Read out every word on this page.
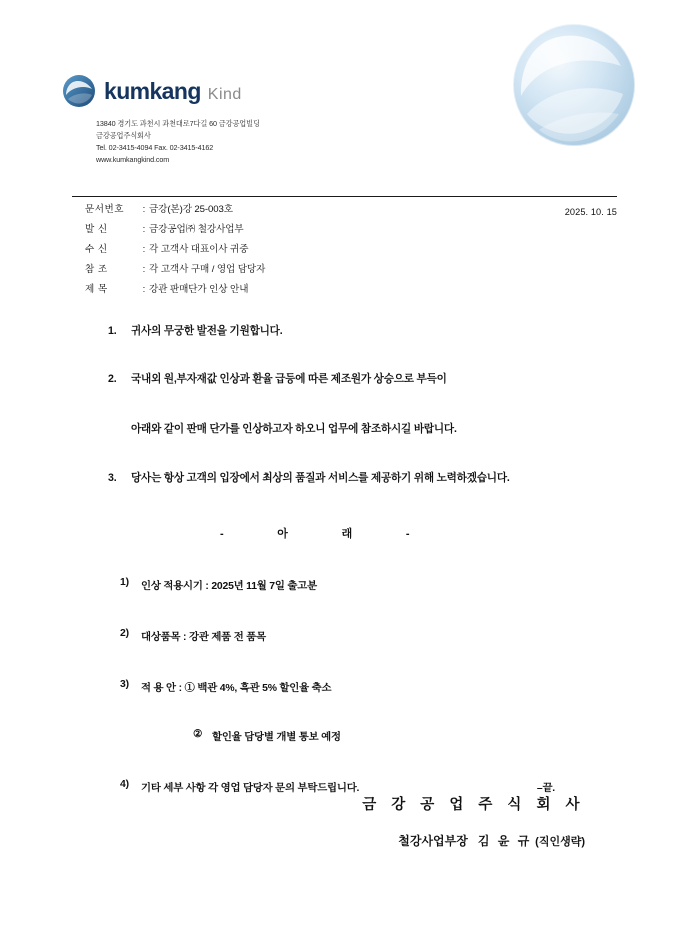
kumkang Kind
13840 경기도 과천시 과천대로7다길 60 금강공업빌딩
금강공업주식회사
Tel. 02-3415-4094 Fax. 02-3415-4162
www.kumkangkind.com
문서번호	: 금강(본)강 25-003호
발 신	: 금강공업㈜ 철강사업부
수 신	: 각 고객사 대표이사 귀중
참 조	: 각 고객사 구매 / 영업 담당자
제 목	: 강관 판매단가 인상 안내
2025. 10. 15
1.	귀사의 무궁한 발전을 기원합니다.
2.	국내외 원,부자재값 인상과 환율 급등에 따른 제조원가 상승으로 부득이
아래와 같이 판매 단가를 인상하고자 하오니 업무에 참조하시길 바랍니다.
3.	당사는 항상 고객의 입장에서 최상의 품질과 서비스를 제공하기 위해 노력하겠습니다.
-	아	래	-
1)	인상 적용시기 : 2025년 11월 7일 출고분
2)	대상품목 : 강관 제품 전 품목
3)	적 용 안 : ① 백관 4%, 흑관 5% 할인율 축소
② 할인율 담당별 개별 통보 예정
4)	기타 세부 사항 각 영업 담당자 문의 부탁드립니다.	–끝.
금 강 공 업 주 식 회 사
철강사업부장 김 윤 규 (직인생략)
